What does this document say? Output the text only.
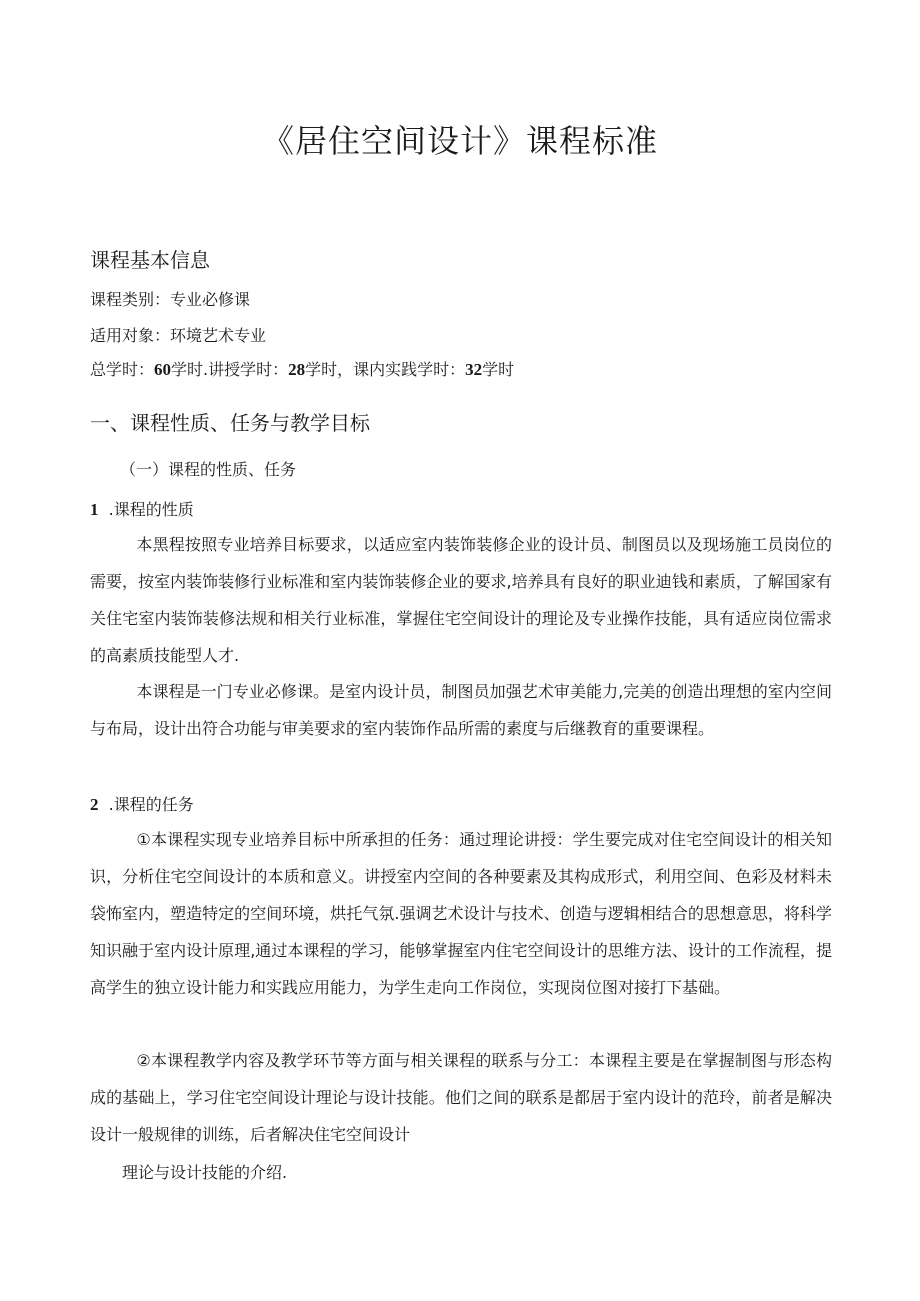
《居住空间设计》课程标准
课程基本信息
课程类别：专业必修课
适用对象：环境艺术专业
总学时：60学时.讲授学时：28学时，课内实践学时：32学时
一、课程性质、任务与教学目标
（一）课程的性质、任务
1 .课程的性质
本黑程按照专业培养目标要求，以适应室内装饰装修企业的设计员、制图员以及现场施工员岗位的需要，按室内装饰装修行业标准和室内装饰装修企业的要求,培养具有良好的职业迪钱和素质，了解国家有关住宅室内装饰装修法规和相关行业标准，掌握住宅空间设计的理论及专业操作技能，具有适应岗位需求的高素质技能型人才.
本课程是一门专业必修课。是室内设计员，制图员加强艺术审美能力,完美的创造出理想的室内空间与布局，设计出符合功能与审美要求的室内装饰作品所需的素度与后继教育的重要课程。
2 .课程的任务
①本课程实现专业培养目标中所承担的任务：通过理论讲授：学生要完成对住宅空间设计的相关知识，分析住宅空间设计的本质和意义。讲授室内空间的各种要素及其构成形式，利用空间、色彩及材料未袋怖室内，塑造特定的空间环境，烘托气氛.强调艺术设计与技术、创造与逻辑相结合的思想意思，将科学知识融于室内设计原理,通过本课程的学习，能够掌握室内住宅空间设计的思维方法、设计的工作流程，提高学生的独立设计能力和实践应用能力，为学生走向工作岗位，实现岗位图对接打下基础。
②本课程教学内容及教学环节等方面与相关课程的联系与分工：本课程主要是在掌握制图与形态构成的基础上，学习住宅空间设计理论与设计技能。他们之间的联系是都居于室内设计的范玲，前者是解决设计一般规律的训练，后者解决住宅空间设计
理论与设计技能的介绍.
